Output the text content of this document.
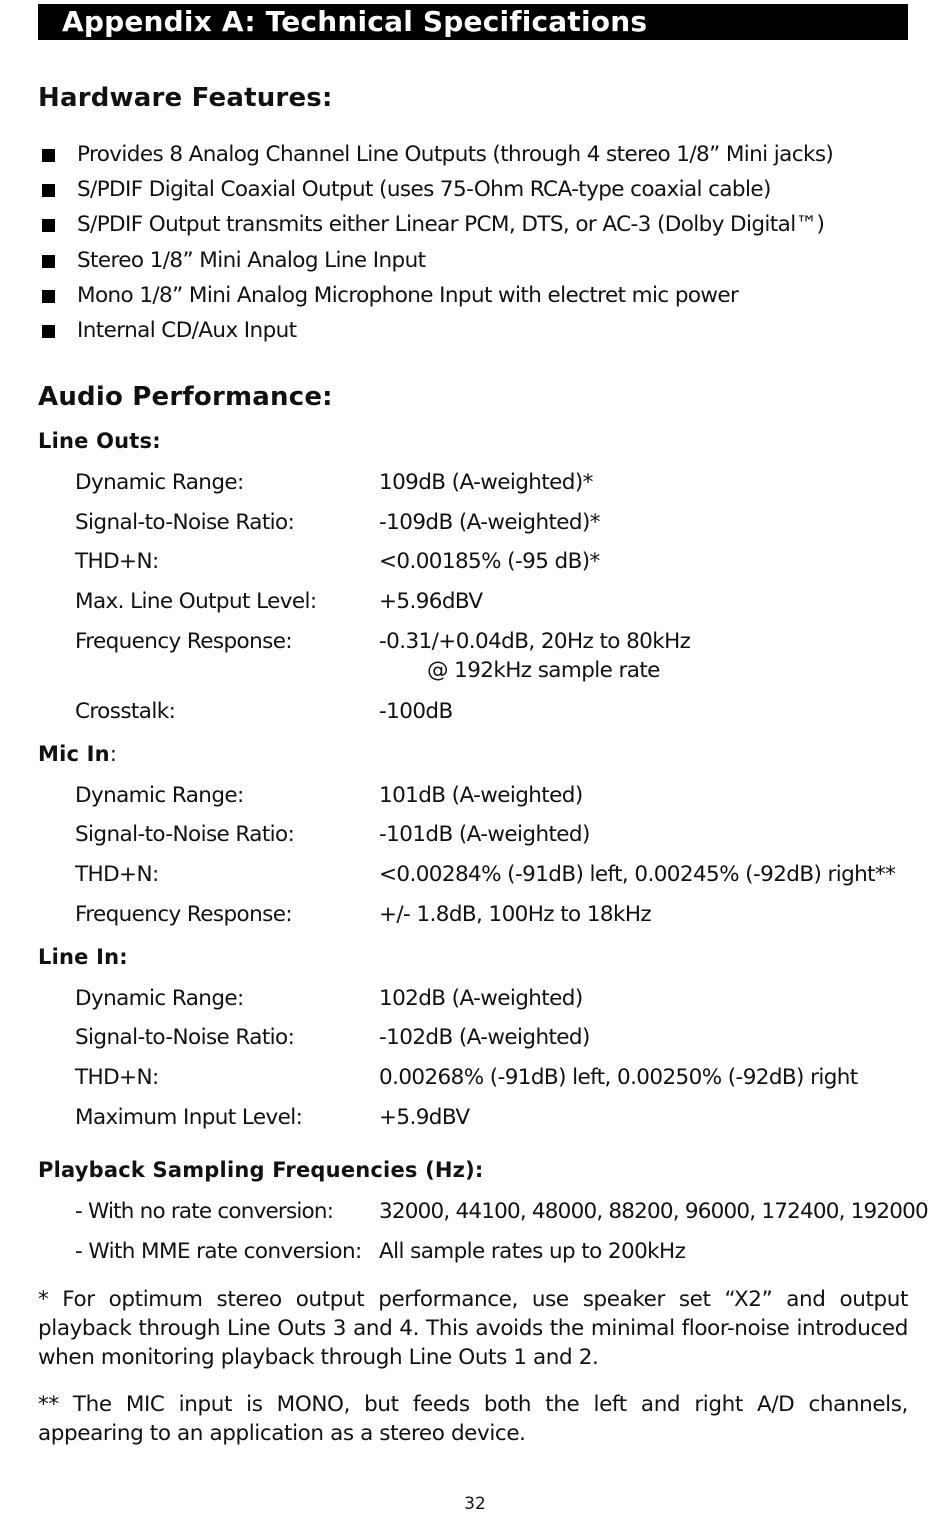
Appendix A: Technical Specifications
Hardware Features:
Provides 8 Analog Channel Line Outputs (through 4 stereo 1/8” Mini jacks)
S/PDIF Digital Coaxial Output (uses 75-Ohm RCA-type coaxial cable)
S/PDIF Output transmits either Linear PCM, DTS, or AC-3 (Dolby Digital™)
Stereo 1/8” Mini Analog Line Input
Mono 1/8” Mini Analog Microphone Input with electret mic power
Internal CD/Aux Input
Audio Performance:
Line Outs:
Dynamic Range:	109dB (A-weighted)*
Signal-to-Noise Ratio:	-109dB (A-weighted)*
THD+N:	<0.00185% (-95 dB)*
Max. Line Output Level:	+5.96dBV
Frequency Response:	-0.31/+0.04dB, 20Hz to 80kHz
@ 192kHz sample rate
Crosstalk:	-100dB
Mic In:
Dynamic Range:	101dB (A-weighted)
Signal-to-Noise Ratio:	-101dB (A-weighted)
THD+N:	<0.00284% (-91dB) left, 0.00245% (-92dB) right**
Frequency Response:	+/- 1.8dB, 100Hz to 18kHz
Line In:
Dynamic Range:	102dB (A-weighted)
Signal-to-Noise Ratio:	-102dB (A-weighted)
THD+N:	0.00268% (-91dB) left, 0.00250% (-92dB) right
Maximum Input Level:	+5.9dBV
Playback Sampling Frequencies (Hz):
- With no rate conversion:	32000, 44100, 48000, 88200, 96000, 172400, 192000
- With MME rate conversion: All sample rates up to 200kHz

* For optimum stereo output performance, use speaker set “X2” and output playback through Line Outs 3 and 4. This avoids the minimal floor-noise introduced when monitoring playback through Line Outs 1 and 2.

** The MIC input is MONO, but feeds both the left and right A/D channels, appearing to an application as a stereo device.

32
